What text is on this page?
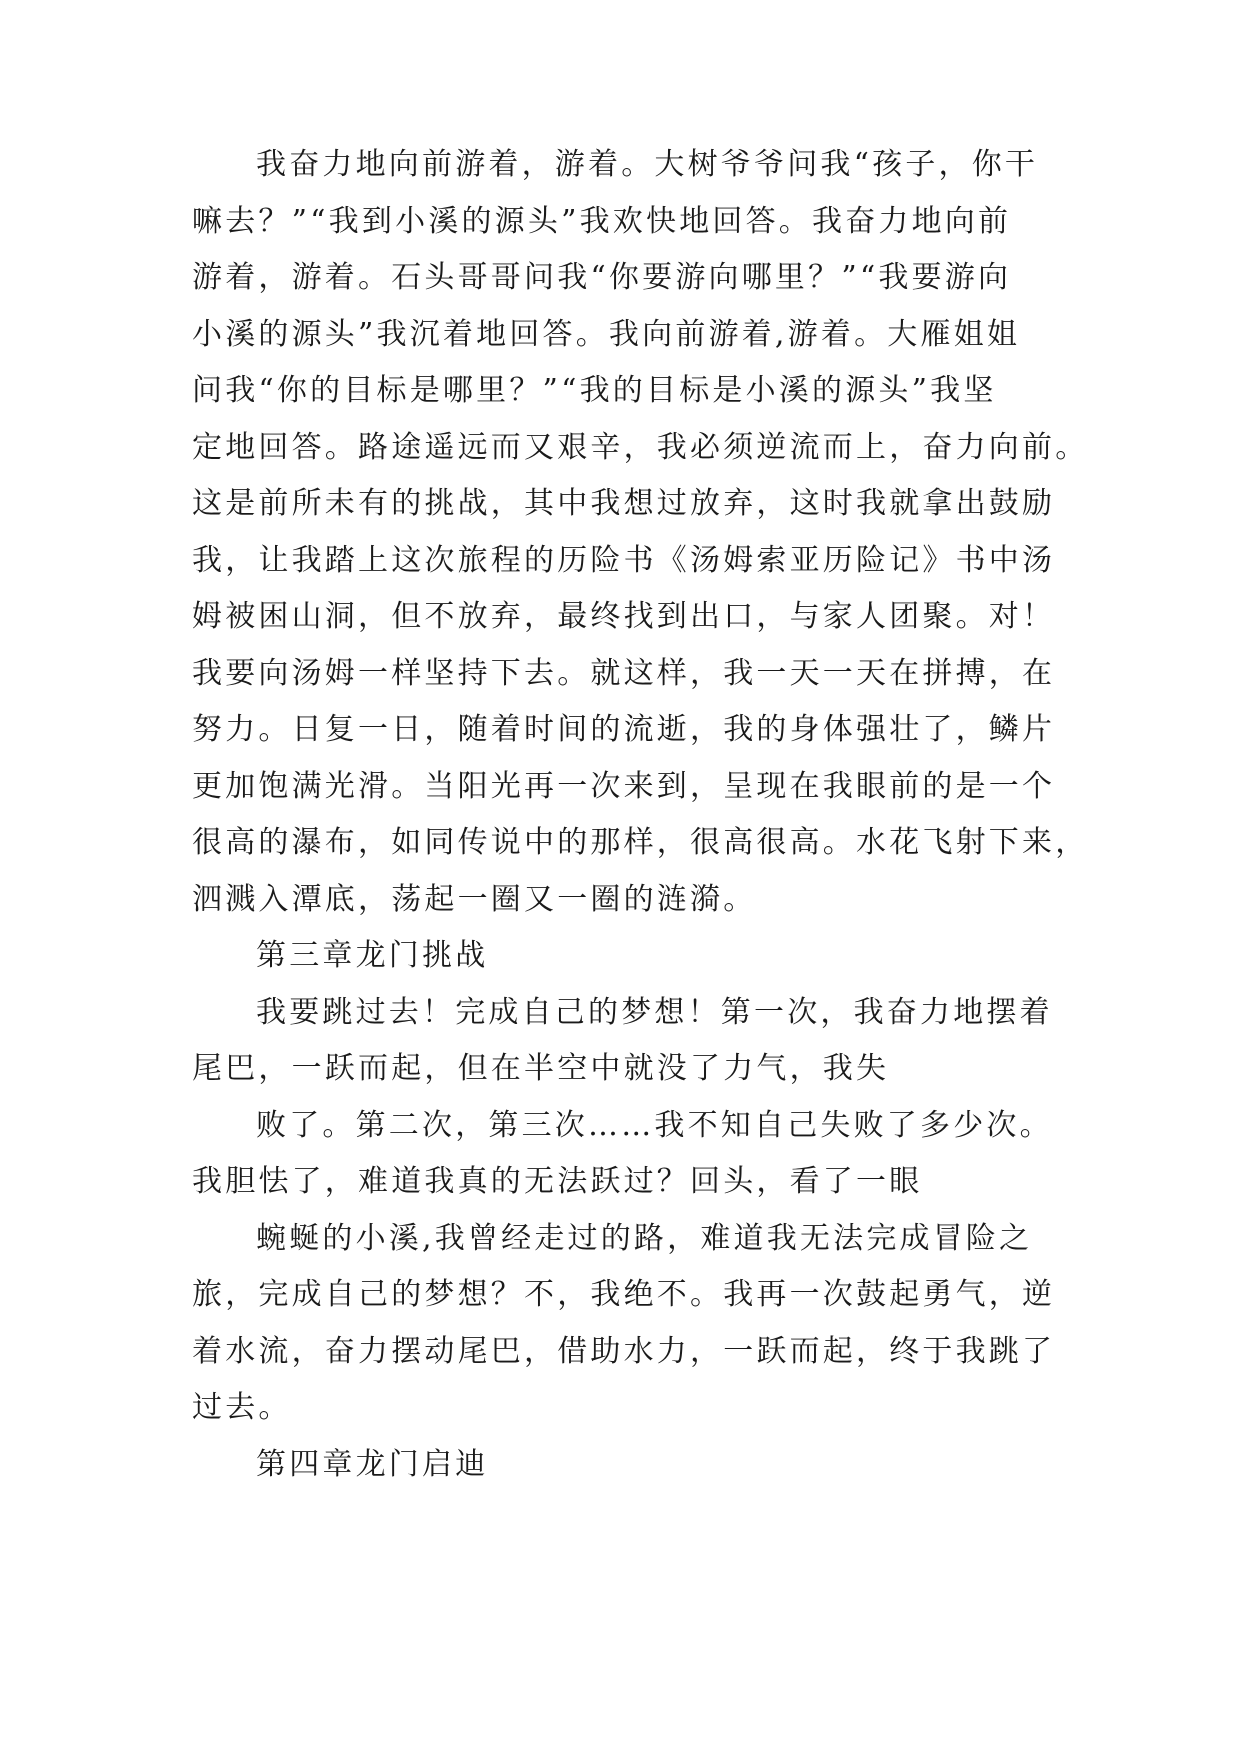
我奋力地向前游着，游着。大树爷爷问我“孩子，你干
嘛去？”“我到小溪的源头”我欢快地回答。我奋力地向前
游着，游着。石头哥哥问我“你要游向哪里？”“我要游向
小溪的源头”我沉着地回答。我向前游着,游着。大雁姐姐
问我“你的目标是哪里？”“我的目标是小溪的源头”我坚
定地回答。路途遥远而又艰辛，我必须逆流而上，奋力向前。
这是前所未有的挑战，其中我想过放弃，这时我就拿出鼓励
我，让我踏上这次旅程的历险书《汤姆索亚历险记》书中汤
姆被困山洞，但不放弃，最终找到出口，与家人团聚。对！
我要向汤姆一样坚持下去。就这样，我一天一天在拼搏，在
努力。日复一日，随着时间的流逝，我的身体强壮了，鳞片
更加饱满光滑。当阳光再一次来到，呈现在我眼前的是一个
很高的瀑布，如同传说中的那样，很高很高。水花飞射下来，
泗溅入潭底，荡起一圈又一圈的涟漪。
第三章龙门挑战
我要跳过去！完成自己的梦想！第一次，我奋力地摆着
尾巴，一跃而起，但在半空中就没了力气，我失
败了。第二次，第三次……我不知自己失败了多少次。
我胆怯了，难道我真的无法跃过？回头，看了一眼
蜿蜒的小溪,我曾经走过的路，难道我无法完成冒险之
旅，完成自己的梦想？不，我绝不。我再一次鼓起勇气，逆
着水流，奋力摆动尾巴，借助水力，一跃而起，终于我跳了
过去。
第四章龙门启迪
